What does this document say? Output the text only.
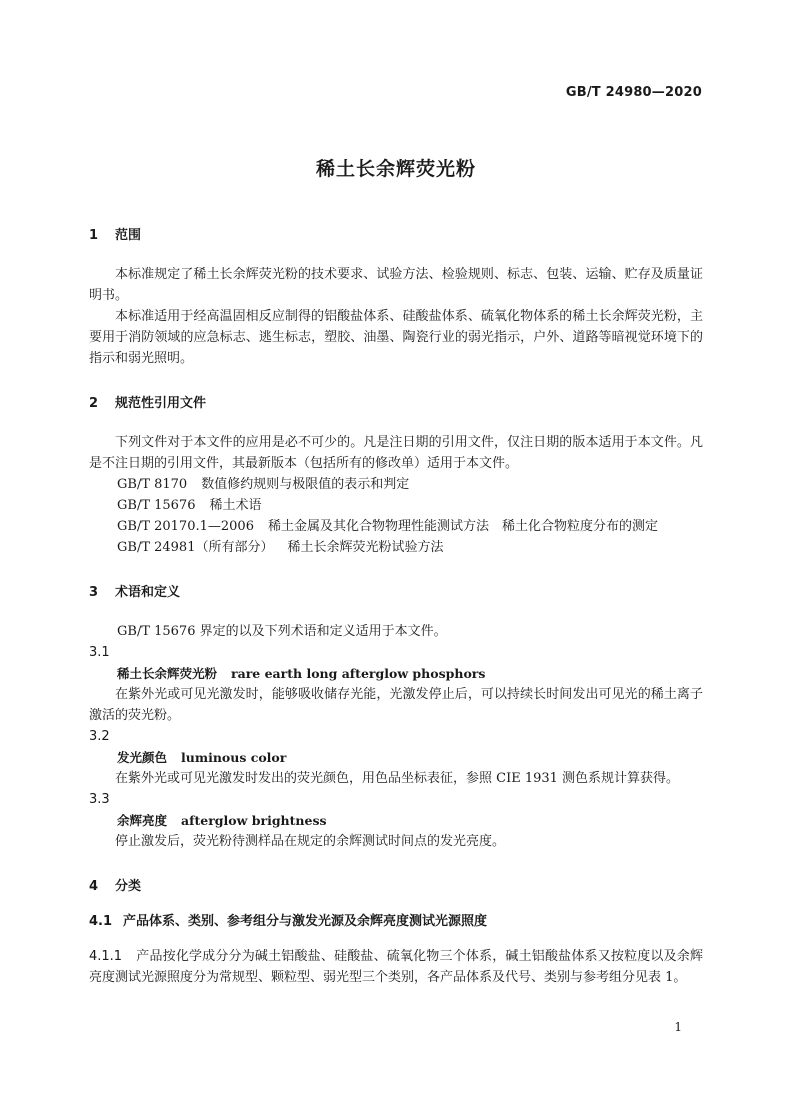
GB/T 24980—2020
稀土长余辉荧光粉

1 范围

本标准规定了稀土长余辉荧光粉的技术要求、试验方法、检验规则、标志、包装、运输、贮存及质量证明书。

本标准适用于经高温固相反应制得的铝酸盐体系、硅酸盐体系、硫氧化物体系的稀土长余辉荧光粉，主要用于消防领域的应急标志、逃生标志，塑胶、油墨、陶瓷行业的弱光指示，户外、道路等暗视觉环境下的指示和弱光照明。

2 规范性引用文件

下列文件对于本文件的应用是必不可少的。凡是注日期的引用文件，仅注日期的版本适用于本文件。凡是不注日期的引用文件，其最新版本（包括所有的修改单）适用于本文件。

GB/T 8170 数值修约规则与极限值的表示和判定

GB/T 15676 稀土术语

GB/T 20170.1—2006 稀土金属及其化合物物理性能测试方法　稀土化合物粒度分布的测定

GB/T 24981（所有部分） 稀土长余辉荧光粉试验方法

3 术语和定义

GB/T 15676 界定的以及下列术语和定义适用于本文件。

3.1

稀土长余辉荧光粉 rare earth long afterglow phosphors

在紫外光或可见光激发时，能够吸收储存光能，光激发停止后，可以持续长时间发出可见光的稀土离子激活的荧光粉。

3.2

发光颜色 luminous color

在紫外光或可见光激发时发出的荧光颜色，用色品坐标表征，参照 CIE 1931 测色系规计算获得。

3.3

余辉亮度 afterglow brightness

停止激发后，荧光粉待测样品在规定的余辉测试时间点的发光亮度。

4 分类

4.1 产品体系、类别、参考组分与激发光源及余辉亮度测试光源照度

4.1.1 产品按化学成分分为碱土铝酸盐、硅酸盐、硫氧化物三个体系，碱土铝酸盐体系又按粒度以及余辉亮度测试光源照度分为常规型、颗粒型、弱光型三个类别，各产品体系及代号、类别与参考组分见表 1。

1
